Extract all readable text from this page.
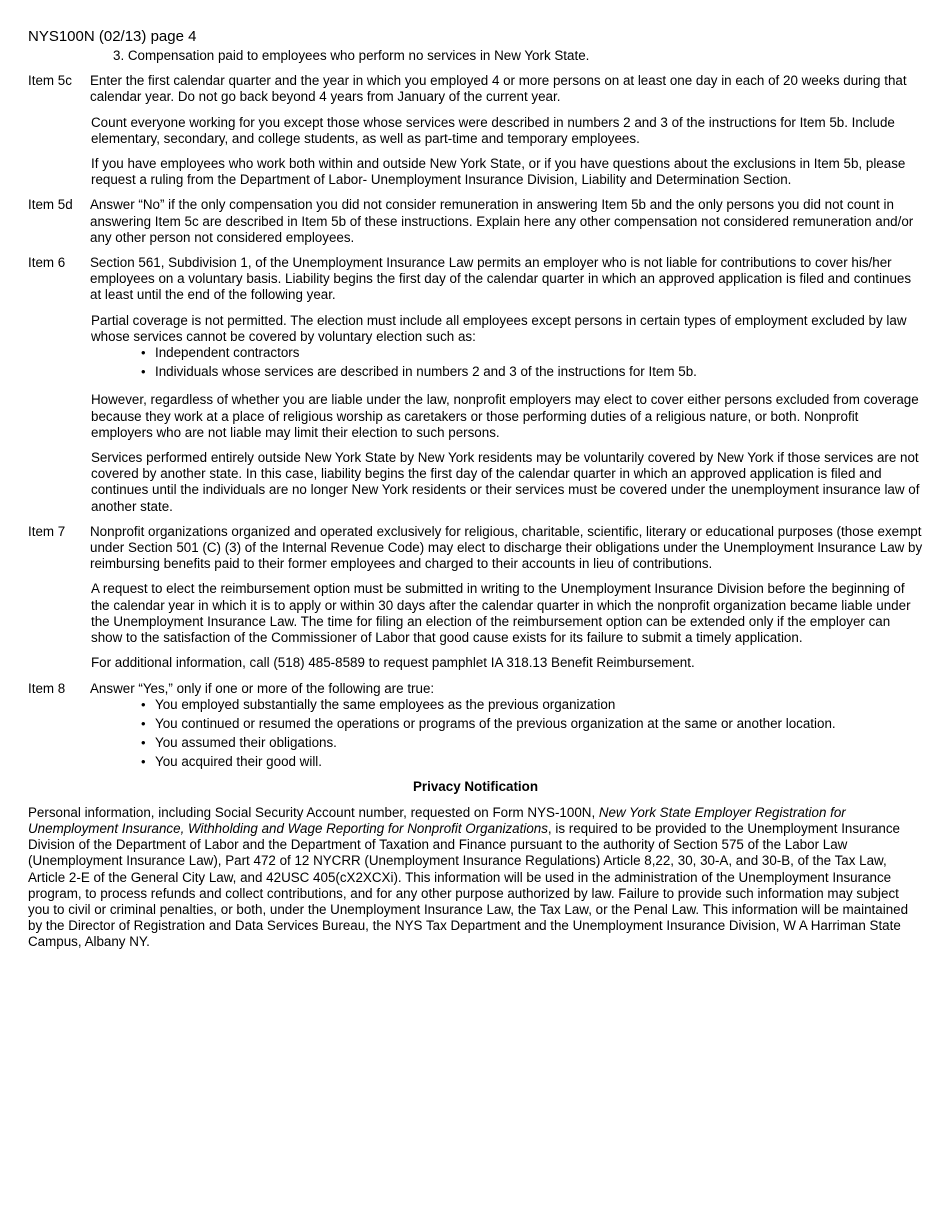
NYS100N (02/13) page 4

3. Compensation paid to employees who perform no services in New York State.

Item 5c	Enter the first calendar quarter and the year in which you employed 4 or more persons on at least one day in each of 20 weeks during that calendar year. Do not go back beyond 4 years from January of the current year.

Count everyone working for you except those whose services were described in numbers 2 and 3 of the instructions for Item 5b. Include elementary, secondary, and college students, as well as part-time and temporary employees.

If you have employees who work both within and outside New York State, or if you have questions about the exclusions in Item 5b, please request a ruling from the Department of Labor- Unemployment Insurance Division, Liability and Determination Section.

Item 5d	Answer “No” if the only compensation you did not consider remuneration in answering Item 5b and the only persons you did not count in answering Item 5c are described in Item 5b of these instructions. Explain here any other compensation not considered remuneration and/or any other person not considered employees.

Item 6	Section 561, Subdivision 1, of the Unemployment Insurance Law permits an employer who is not liable for contributions to cover his/her employees on a voluntary basis. Liability begins the first day of the calendar quarter in which an approved application is filed and continues at least until the end of the following year.

Partial coverage is not permitted. The election must include all employees except persons in certain types of employment excluded by law whose services cannot be covered by voluntary election such as:

• Independent contractors
• Individuals whose services are described in numbers 2 and 3 of the instructions for Item 5b.

However, regardless of whether you are liable under the law, nonprofit employers may elect to cover either persons excluded from coverage because they work at a place of religious worship as caretakers or those performing duties of a religious nature, or both. Nonprofit employers who are not liable may limit their election to such persons.

Services performed entirely outside New York State by New York residents may be voluntarily covered by New York if those services are not covered by another state. In this case, liability begins the first day of the calendar quarter in which an approved application is filed and continues until the individuals are no longer New York residents or their services must be covered under the unemployment insurance law of another state.

Item 7	Nonprofit organizations organized and operated exclusively for religious, charitable, scientific, literary or educational purposes (those exempt under Section 501 (C) (3) of the Internal Revenue Code) may elect to discharge their obligations under the Unemployment Insurance Law by reimbursing benefits paid to their former employees and charged to their accounts in lieu of contributions.

A request to elect the reimbursement option must be submitted in writing to the Unemployment Insurance Division before the beginning of the calendar year in which it is to apply or within 30 days after the calendar quarter in which the nonprofit organization became liable under the Unemployment Insurance Law. The time for filing an election of the reimbursement option can be extended only if the employer can show to the satisfaction of the Commissioner of Labor that good cause exists for its failure to submit a timely application.

For additional information, call (518) 485-8589 to request pamphlet IA 318.13 Benefit Reimbursement.

Item 8	Answer “Yes,” only if one or more of the following are true:

• You employed substantially the same employees as the previous organization
• You continued or resumed the operations or programs of the previous organization at the same or another location.
• You assumed their obligations.
• You acquired their good will.
Privacy Notification

Personal information, including Social Security Account number, requested on Form NYS-100N, New York State Employer Registration for Unemployment Insurance, Withholding and Wage Reporting for Nonprofit Organizations, is required to be provided to the Unemployment Insurance Division of the Department of Labor and the Department of Taxation and Finance pursuant to the authority of Section 575 of the Labor Law (Unemployment Insurance Law), Part 472 of 12 NYCRR (Unemployment Insurance Regulations) Article 8,22, 30, 30-A, and 30-B, of the Tax Law, Article 2-E of the General City Law, and 42USC 405(cX2XCXi). This information will be used in the administration of the Unemployment Insurance program, to process refunds and collect contributions, and for any other purpose authorized by law. Failure to provide such information may subject you to civil or criminal penalties, or both, under the Unemployment Insurance Law, the Tax Law, or the Penal Law. This information will be maintained by the Director of Registration and Data Services Bureau, the NYS Tax Department and the Unemployment Insurance Division, W A Harriman State Campus, Albany NY.
